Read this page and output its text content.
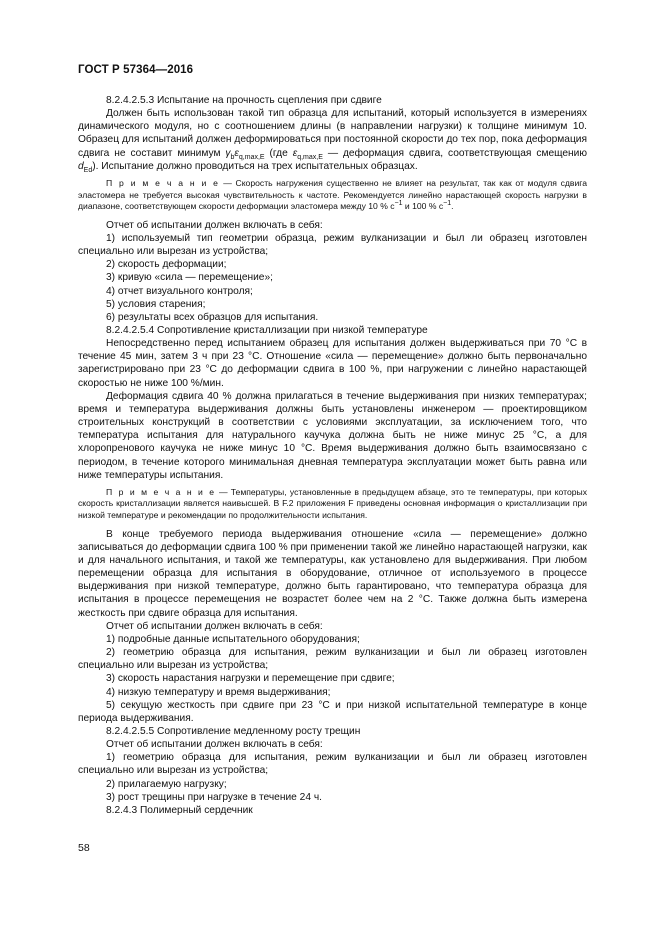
ГОСТ Р 57364—2016

8.2.4.2.5.3 Испытание на прочность сцепления при сдвиге

Должен быть использован такой тип образца для испытаний, который используется в измерениях динамического модуля, но с соотношением длины (в направлении нагрузки) к толщине минимум 10. Образец для испытаний должен деформироваться при постоянной скорости до тех пор, пока деформация сдвига не составит минимум $\gamma_b\varepsilon_{q,max,E}$ (где $\varepsilon_{q,max,E}$ — деформация сдвига, соответствующая смещению $d_{Ed}$). Испытание должно проводиться на трех испытательных образцах.

П р и м е ч а н и е — Скорость нагружения существенно не влияет на результат, так как от модуля сдвига эластомера не требуется высокая чувствительность к частоте. Рекомендуется линейно нарастающей скорость нагрузки в диапазоне, соответствующем скорости деформации эластомера между 10 % $с^{-1}$ и 100 % $с^{-1}$.

Отчет об испытании должен включать в себя:

1) используемый тип геометрии образца, режим вулканизации и был ли образец изготовлен специально или вырезан из устройства;

2) скорость деформации;

3) кривую «сила — перемещение»;

4) отчет визуального контроля;

5) условия старения;

6) результаты всех образцов для испытания.

8.2.4.2.5.4 Сопротивление кристаллизации при низкой температуре

Непосредственно перед испытанием образец для испытания должен выдерживаться при 70 °С в течение 45 мин, затем 3 ч при 23 °С. Отношение «сила — перемещение» должно быть первоначально зарегистрировано при 23 °С до деформации сдвига в 100 %, при нагружении с линейно нарастающей скоростью не ниже 100 %/мин.

Деформация сдвига 40 % должна прилагаться в течение выдерживания при низких температурах; время и температура выдерживания должны быть установлены инженером — проектировщиком строительных конструкций в соответствии с условиями эксплуатации, за исключением того, что температура испытания для натурального каучука должна быть не ниже минус 25 °С, а для хлоропренового каучука не ниже минус 10 °С. Время выдерживания должно быть взаимосвязано с периодом, в течение которого минимальная дневная температура эксплуатации может быть равна или ниже температуры испытания.

П р и м е ч а н и е — Температуры, установленные в предыдущем абзаце, это те температуры, при которых скорость кристаллизации является наивысшей. В F.2 приложения F приведены основная информация о кристаллизации при низкой температуре и рекомендации по продолжительности испытания.

В конце требуемого периода выдерживания отношение «сила — перемещение» должно записываться до деформации сдвига 100 % при применении такой же линейно нарастающей нагрузки, как и для начального испытания, и такой же температуры, как установлено для выдерживания. При любом перемещении образца для испытания в оборудование, отличное от используемого в процессе выдерживания при низкой температуре, должно быть гарантировано, что температура образца для испытания в процессе перемещения не возрастет более чем на 2 °С. Также должна быть измерена жесткость при сдвиге образца для испытания.

Отчет об испытании должен включать в себя:

1) подробные данные испытательного оборудования;

2) геометрию образца для испытания, режим вулканизации и был ли образец изготовлен специально или вырезан из устройства;

3) скорость нарастания нагрузки и перемещение при сдвиге;

4) низкую температуру и время выдерживания;

5) секущую жесткость при сдвиге при 23 °С и при низкой испытательной температуре в конце периода выдерживания.

8.2.4.2.5.5 Сопротивление медленному росту трещин

Отчет об испытании должен включать в себя:

1) геометрию образца для испытания, режим вулканизации и был ли образец изготовлен специально или вырезан из устройства;

2) прилагаемую нагрузку;

3) рост трещины при нагрузке в течение 24 ч.

8.2.4.3 Полимерный сердечник

58
